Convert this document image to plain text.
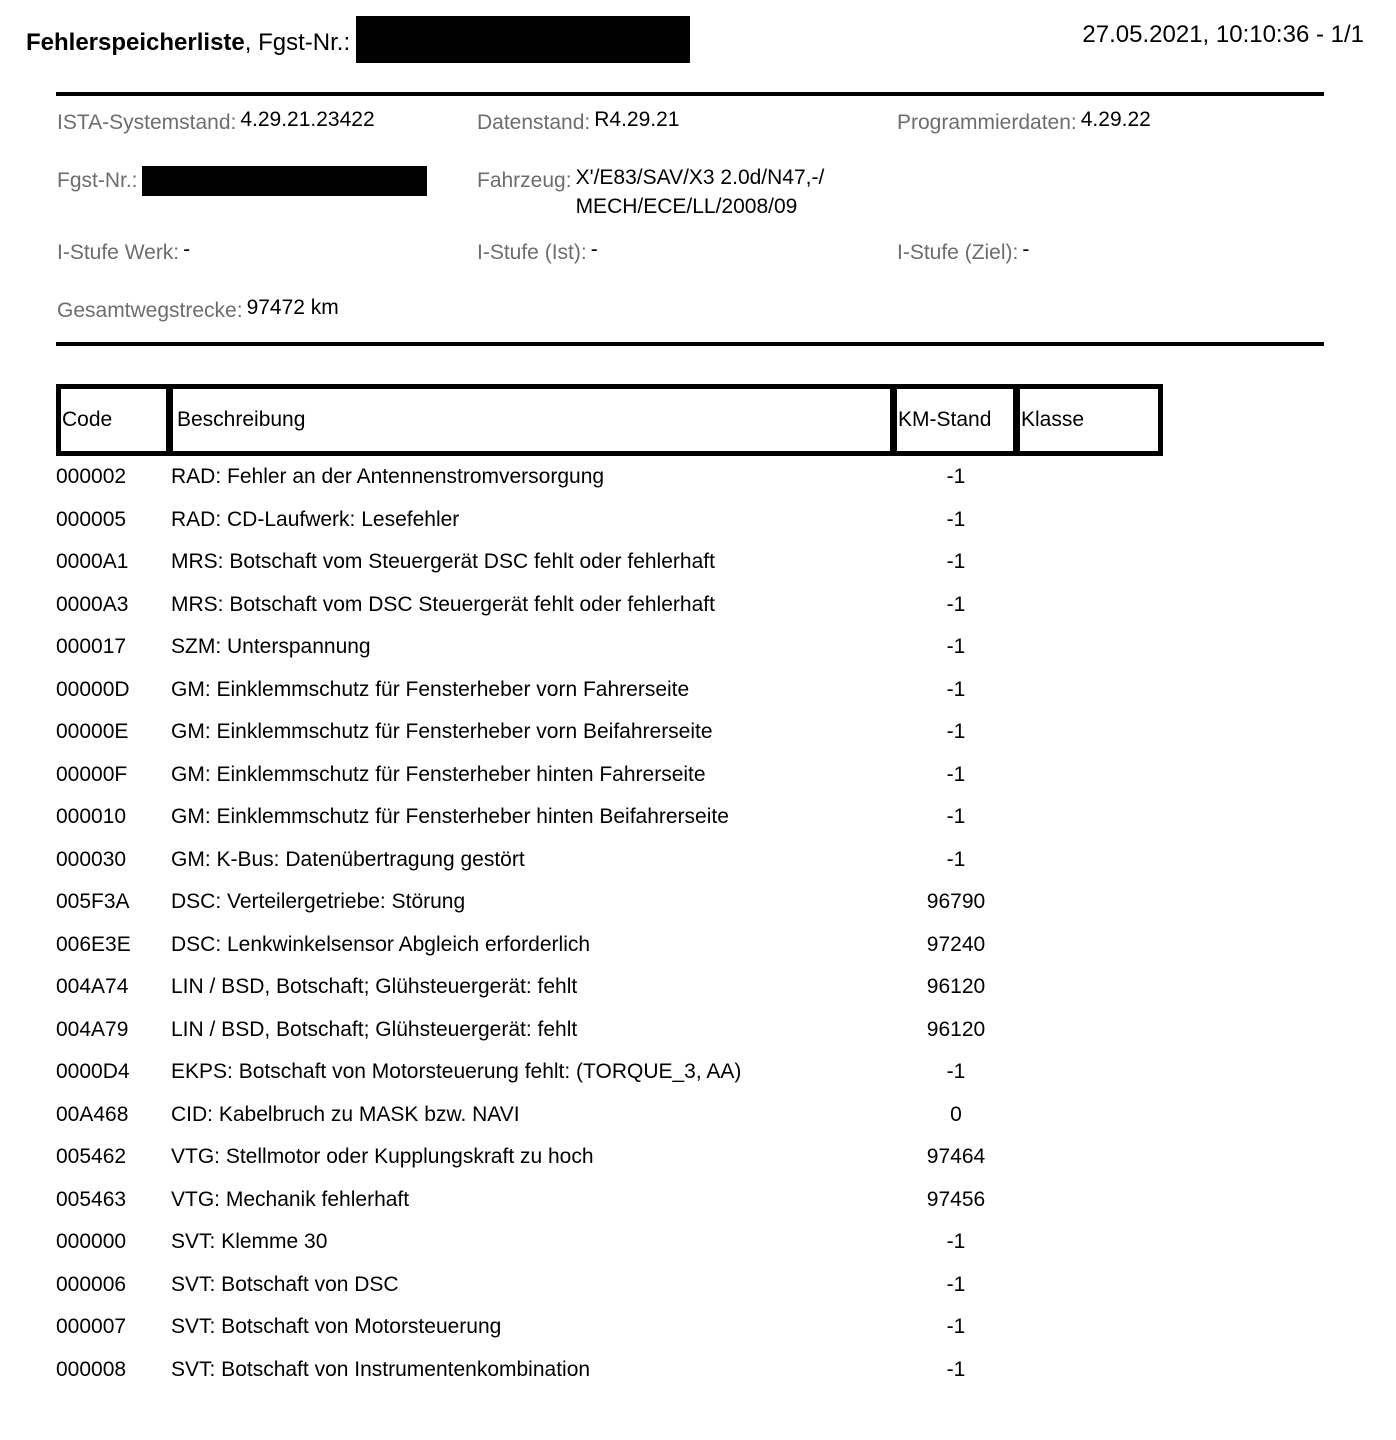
Fehlerspeicherliste, Fgst-Nr.:	27.05.2021, 10:10:36 - 1/1
ISTA-Systemstand: 4.29.21.23422	Datenstand: R4.29.21	Programmierdaten: 4.29.22
Fgst-Nr.:	Fahrzeug: X'/E83/SAV/X3 2.0d/N47,-/
MECH/ECE/LL/2008/09
I-Stufe Werk: -	I-Stufe (Ist): -	I-Stufe (Ziel): -
Gesamtwegstrecke: 97472 km
Code	Beschreibung	KM-Stand	Klasse
000002 RAD: Fehler an der Antennenstromversorgung	-1
000005 RAD: CD-Laufwerk: Lesefehler	-1
0000A1 MRS: Botschaft vom Steuergerät DSC fehlt oder fehlerhaft	-1
0000A3 MRS: Botschaft vom DSC Steuergerät fehlt oder fehlerhaft	-1
000017 SZM: Unterspannung	-1
00000D GM: Einklemmschutz für Fensterheber vorn Fahrerseite	-1
00000E GM: Einklemmschutz für Fensterheber vorn Beifahrerseite	-1
00000F GM: Einklemmschutz für Fensterheber hinten Fahrerseite	-1
000010 GM: Einklemmschutz für Fensterheber hinten Beifahrerseite	-1
000030 GM: K-Bus: Datenübertragung gestört	-1
005F3A DSC: Verteilergetriebe: Störung	96790
006E3E DSC: Lenkwinkelsensor Abgleich erforderlich	97240
004A74 LIN / BSD, Botschaft; Glühsteuergerät: fehlt	96120
004A79 LIN / BSD, Botschaft; Glühsteuergerät: fehlt	96120
0000D4 EKPS: Botschaft von Motorsteuerung fehlt: (TORQUE_3, AA)	-1
00A468 CID: Kabelbruch zu MASK bzw. NAVI	0
005462 VTG: Stellmotor oder Kupplungskraft zu hoch	97464
005463 VTG: Mechanik fehlerhaft	97456
000000 SVT: Klemme 30	-1
000006 SVT: Botschaft von DSC	-1
000007 SVT: Botschaft von Motorsteuerung	-1
000008 SVT: Botschaft von Instrumentenkombination	-1
